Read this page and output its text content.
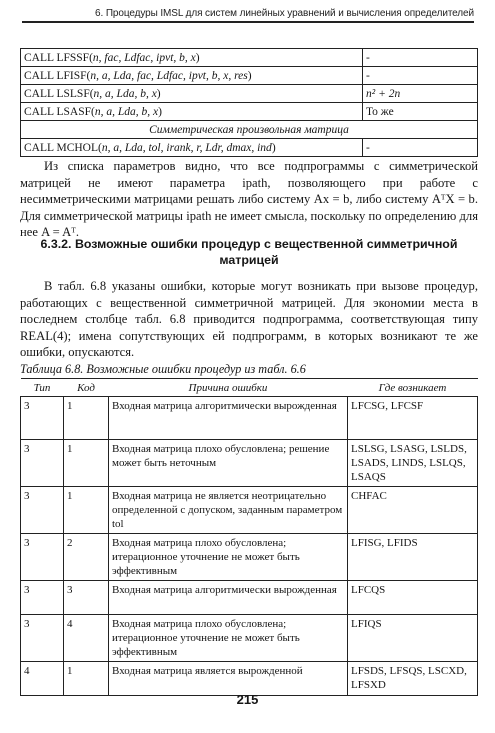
6. Процедуры IMSL для систем линейных уравнений и вычисления определителей
CALL LFSSF(n, fac, Ldfac, ipvt, b, x)	-
CALL LFISF(n, a, Lda, fac, Ldfac, ipvt, b, x, res)	-
CALL LSLSF(n, a, Lda, b, x)	n² + 2n
CALL LSASF(n, a, Lda, b, x)	То же
Симметрическая произвольная матрица	
CALL MCHOL(n, a, Lda, tol, irank, r, Ldr, dmax, ind)	-

Из списка параметров видно, что все подпрограммы с симметрической матрицей не имеют параметра ipath, позволяющего при работе с несимметрическими матрицами решать либо систему Ax = b, либо систему AᵀX = b. Для симметрической матрицы ipath не имеет смысла, поскольку по определению для нее A = Aᵀ.

6.3.2. Возможные ошибки процедур с вещественной симметричной матрицей

В табл. 6.8 указаны ошибки, которые могут возникать при вызове процедур, работающих с вещественной симметричной матрицей. Для экономии места в последнем столбце табл. 6.8 приводится подпрограмма, соответствующая типу REAL(4); имена сопутствующих ей подпрограмм, в которых возникают те же ошибки, опускаются.

Таблица 6.8. Возможные ошибки процедур из табл. 6.6
Тип	Код	Причина ошибки	Где возникает
3	1	Входная матрица алгоритмически вырожденная	LFCSG, LFCSF
3	1	Входная матрица плохо обусловлена; решение может быть неточным	LSLSG, LSASG, LSLDS, LSADS, LINDS, LSLQS, LSAQS
3	1	Входная матрица не является неотрицательно определенной с допуском, заданным параметром tol	CHFAC
3	2	Входная матрица плохо обусловлена; итерационное уточнение не может быть эффективным	LFISG, LFIDS
3	3	Входная матрица алгоритмически вырожденная	LFCQS
3	4	Входная матрица плохо обусловлена; итерационное уточнение не может быть эффективным	LFIQS
4	1	Входная матрица является вырожденной	LFSDS, LFSQS, LSCXD, LFSXD
215
